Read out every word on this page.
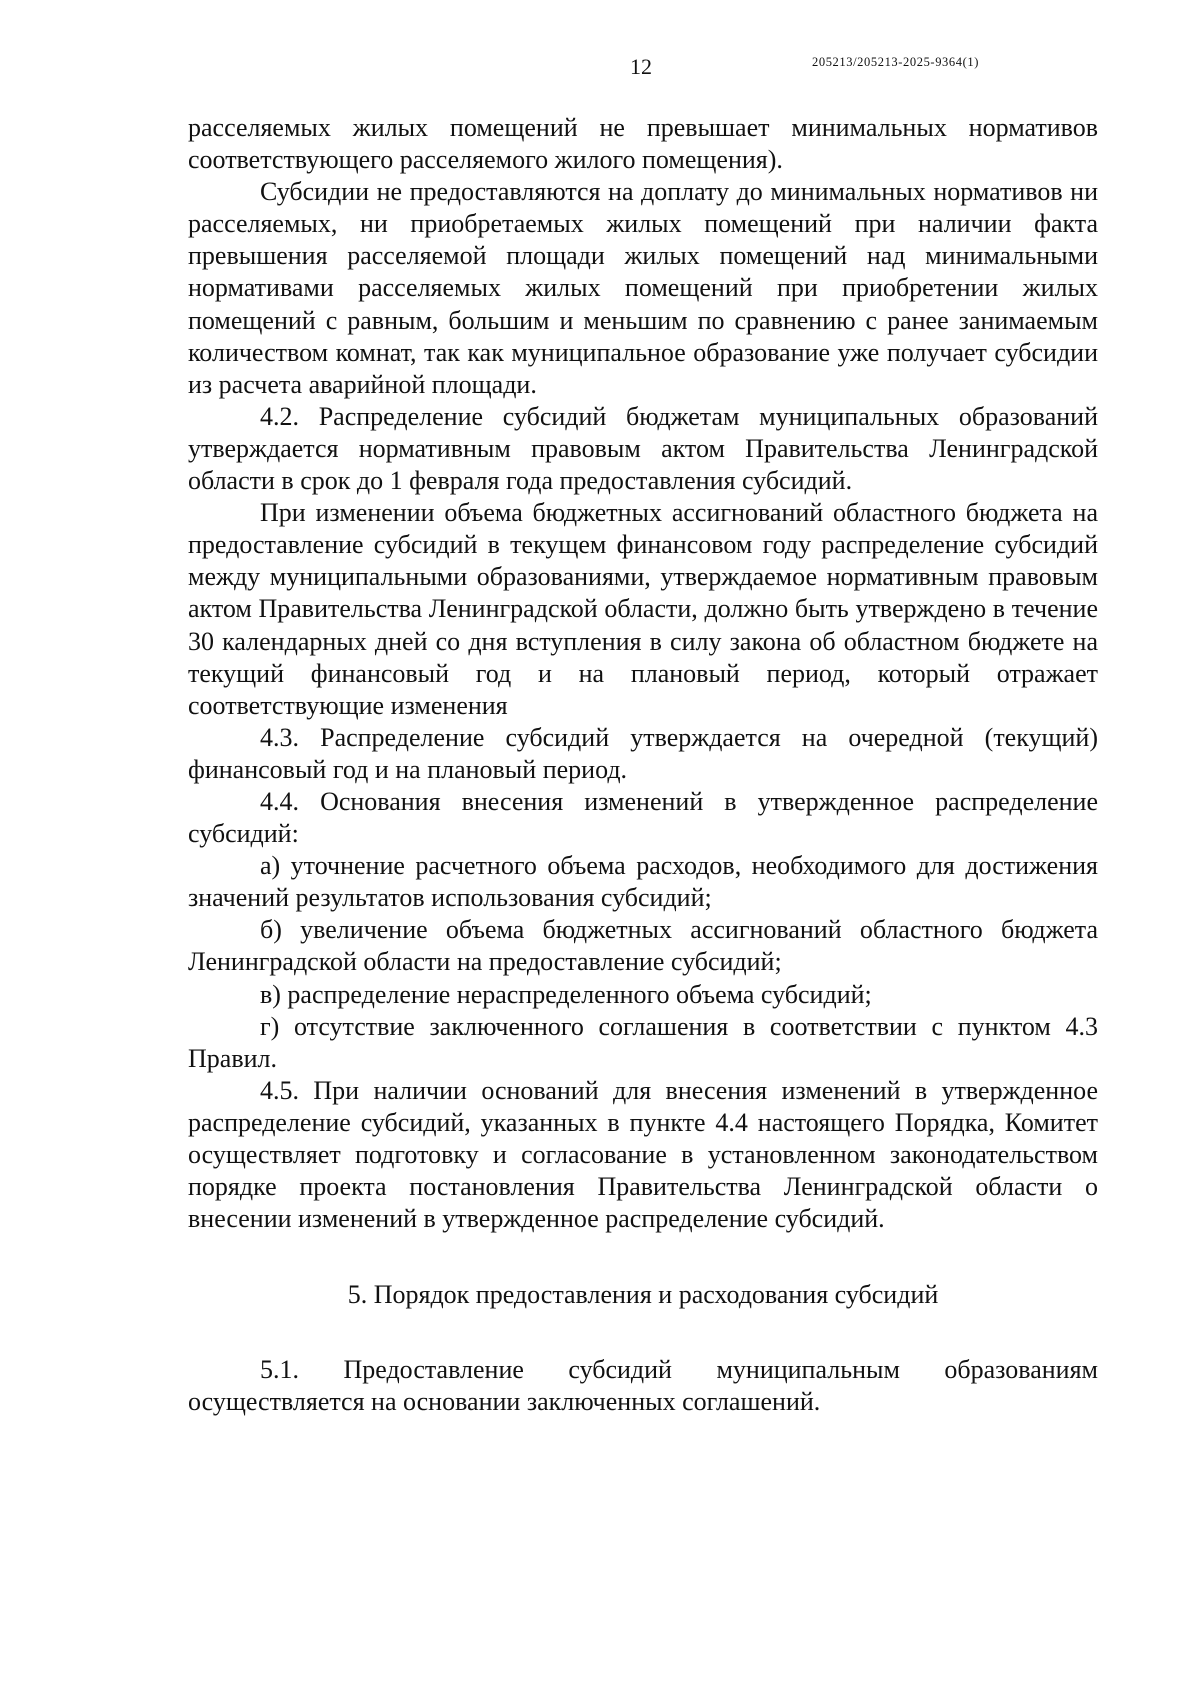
12	205213/205213-2025-9364(1)

расселяемых жилых помещений не превышает минимальных нормативов соответствующего расселяемого жилого помещения).

Субсидии не предоставляются на доплату до минимальных нормативов ни расселяемых, ни приобретаемых жилых помещений при наличии факта превышения расселяемой площади жилых помещений над минимальными нормативами расселяемых жилых помещений при приобретении жилых помещений с равным, большим и меньшим по сравнению с ранее занимаемым количеством комнат, так как муниципальное образование уже получает субсидии из расчета аварийной площади.

4.2. Распределение субсидий бюджетам муниципальных образований утверждается нормативным правовым актом Правительства Ленинградской области в срок до 1 февраля года предоставления субсидий.

При изменении объема бюджетных ассигнований областного бюджета на предоставление субсидий в текущем финансовом году распределение субсидий между муниципальными образованиями, утверждаемое нормативным правовым актом Правительства Ленинградской области, должно быть утверждено в течение 30 календарных дней со дня вступления в силу закона об областном бюджете на текущий финансовый год и на плановый период, который отражает соответствующие изменения

4.3. Распределение субсидий утверждается на очередной (текущий) финансовый год и на плановый период.

4.4. Основания внесения изменений в утвержденное распределение субсидий:

а) уточнение расчетного объема расходов, необходимого для достижения значений результатов использования субсидий;

б) увеличение объема бюджетных ассигнований областного бюджета Ленинградской области на предоставление субсидий;

в) распределение нераспределенного объема субсидий;

г) отсутствие заключенного соглашения в соответствии с пунктом 4.3 Правил.

4.5. При наличии оснований для внесения изменений в утвержденное распределение субсидий, указанных в пункте 4.4 настоящего Порядка, Комитет осуществляет подготовку и согласование в установленном законодательством порядке проекта постановления Правительства Ленинградской области о внесении изменений в утвержденное распределение субсидий.

5. Порядок предоставления и расходования субсидий

5.1. Предоставление субсидий муниципальным образованиям осуществляется на основании заключенных соглашений.
